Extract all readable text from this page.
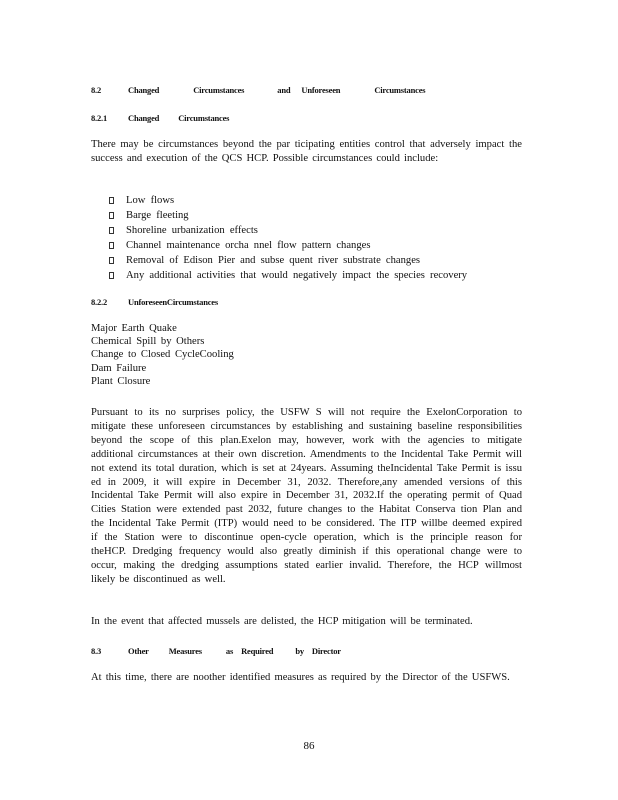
8.2	Changed	Circumstances	and Unforeseen	Circumstances
8.2.1	Changed Circumstances

There may be circumstances beyond the par ticipating entities control that adversely impact the success and execution of the QCS HCP. Possible circumstances could include:

Low flows
Barge fleeting
Shoreline urbanization effects
Channel maintenance orcha nnel flow pattern changes
Removal of Edison Pier and subse quent river substrate changes
Any additional activities that would negatively impact the species recovery
8.2.2	UnforeseenCircumstances
Major Earth Quake
Chemical Spill by Others
Change to Closed CycleCooling
Dam Failure
Plant Closure

Pursuant to its no surprises policy, the USFW S will not require the ExelonCorporation to mitigate these unforeseen circumstances by establishing and sustaining baseline responsibilities beyond the scope of this plan.Exelon may, however, work with the agencies to mitigate additional circumstances at their own discretion. Amendments to the Incidental Take Permit will not extend its total duration, which is set at 24years. Assuming theIncidental Take Permit is issu ed in 2009, it will expire in December 31, 2032. Therefore,any amended versions of this Incidental Take Permit will also expire in December 31, 2032.If the operating permit of Quad Cities Station were extended past 2032, future changes to the Habitat Conserva tion Plan and the Incidental Take Permit (ITP) would need to be considered. The ITP willbe deemed expired if the Station were to discontinue open-cycle operation, which is the principle reason for theHCP. Dredging frequency would also greatly diminish if this operational change were to occur, making the dredging assumptions stated earlier invalid. Therefore, the HCP willmost likely be discontinued as well.

In the event that affected mussels are delisted, the HCP mitigation will be terminated.

8.3	Other Measures	as Required	by Director

At this time, there are noother identified measures as required by the Director of the USFWS.

86
